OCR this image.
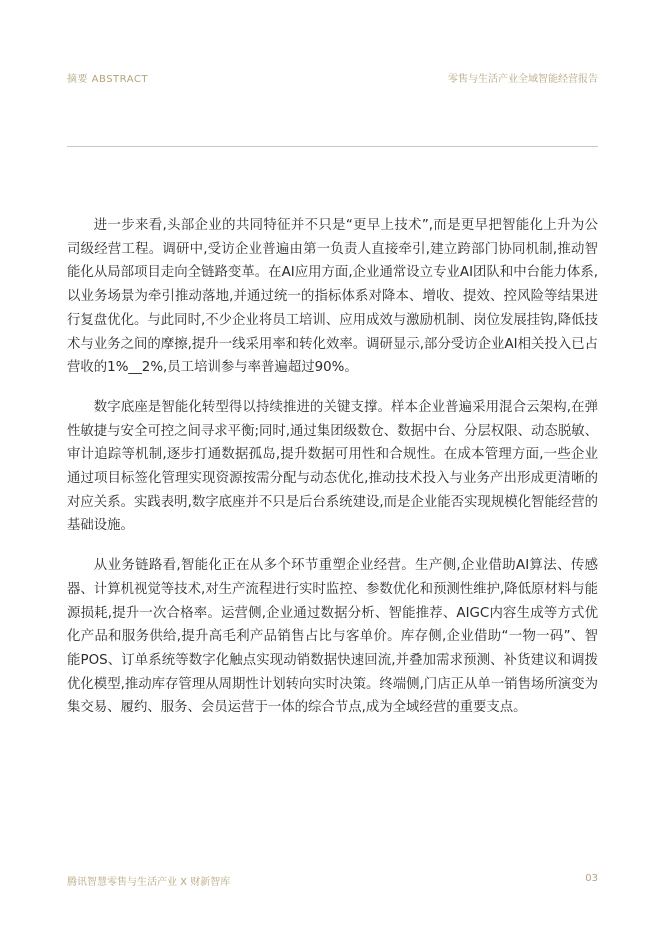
摘要 ABSTRACT	零售与生活产业全域智能经营报告

进一步来看,头部企业的共同特征并不只是“更早上技术”,而是更早把智能化上升为公司级经营工程。调研中,受访企业普遍由第一负责人直接牵引,建立跨部门协同机制,推动智能化从局部项目走向全链路变革。在AI应用方面,企业通常设立专业AI团队和中台能力体系,以业务场景为牵引推动落地,并通过统一的指标体系对降本、增收、提效、控风险等结果进行复盘优化。与此同时,不少企业将员工培训、应用成效与激励机制、岗位发展挂钩,降低技术与业务之间的摩擦,提升一线采用率和转化效率。调研显示,部分受访企业AI相关投入已占营收的1%__2%,员工培训参与率普遍超过90%。

数字底座是智能化转型得以持续推进的关键支撑。样本企业普遍采用混合云架构,在弹性敏捷与安全可控之间寻求平衡;同时,通过集团级数仓、数据中台、分层权限、动态脱敏、审计追踪等机制,逐步打通数据孤岛,提升数据可用性和合规性。在成本管理方面,一些企业通过项目标签化管理实现资源按需分配与动态优化,推动技术投入与业务产出形成更清晰的对应关系。实践表明,数字底座并不只是后台系统建设,而是企业能否实现规模化智能经营的基础设施。

从业务链路看,智能化正在从多个环节重塑企业经营。生产侧,企业借助AI算法、传感器、计算机视觉等技术,对生产流程进行实时监控、参数优化和预测性维护,降低原材料与能源损耗,提升一次合格率。运营侧,企业通过数据分析、智能推荐、AIGC内容生成等方式优化产品和服务供给,提升高毛利产品销售占比与客单价。库存侧,企业借助“一物一码”、智能POS、订单系统等数字化触点实现动销数据快速回流,并叠加需求预测、补货建议和调拨优化模型,推动库存管理从周期性计划转向实时决策。终端侧,门店正从单一销售场所演变为集交易、履约、服务、会员运营于一体的综合节点,成为全域经营的重要支点。

腾讯智慧零售与生活产业 X 财新智库	03
